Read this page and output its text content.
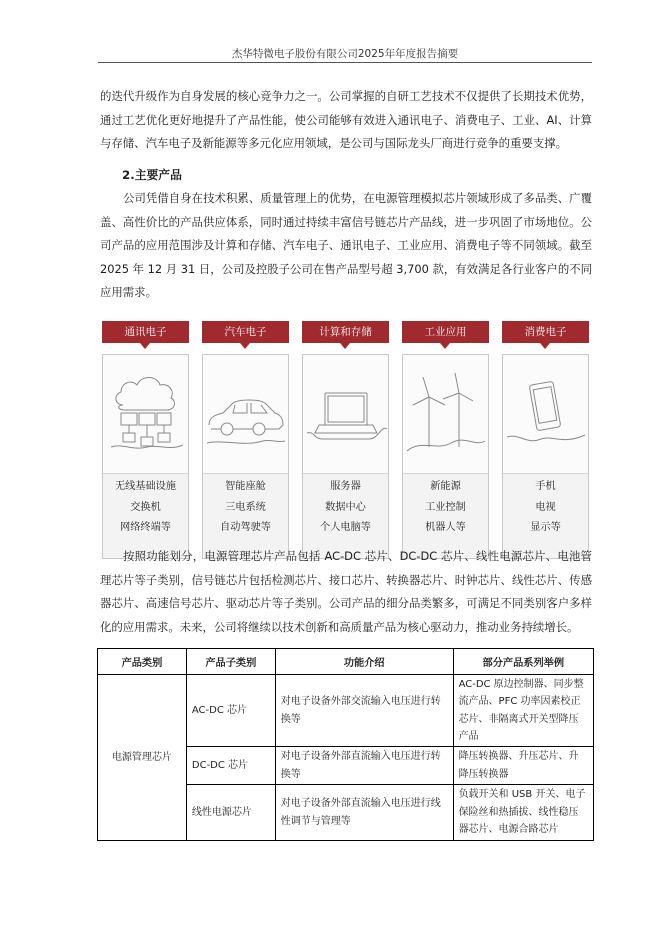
杰华特微电子股份有限公司2025年年度报告摘要

的迭代升级作为自身发展的核心竞争力之一。公司掌握的自研工艺技术不仅提供了长期技术优势，通过工艺优化更好地提升了产品性能，使公司能够有效进入通讯电子、消费电子、工业、AI、计算与存储、汽车电子及新能源等多元化应用领域，是公司与国际龙头厂商进行竞争的重要支撑。

2.主要产品

公司凭借自身在技术积累、质量管理上的优势，在电源管理模拟芯片领域形成了多品类、广覆盖、高性价比的产品供应体系，同时通过持续丰富信号链芯片产品线，进一步巩固了市场地位。公司产品的应用范围涉及计算和存储、汽车电子、通讯电子、工业应用、消费电子等不同领域。截至 2025 年 12 月 31 日，公司及控股子公司在售产品型号超 3,700 款，有效满足各行业客户的不同应用需求。

通讯电子
无线基础设施
交换机
网络终端等
汽车电子
智能座舱
三电系统
自动驾驶等
计算和存储
服务器
数据中心
个人电脑等
工业应用
新能源
工业控制
机器人等
消费电子
手机
电视
显示等

按照功能划分，电源管理芯片产品包括 AC-DC 芯片、DC-DC 芯片、线性电源芯片、电池管理芯片等子类别，信号链芯片包括检测芯片、接口芯片、转换器芯片、时钟芯片、线性芯片、传感器芯片、高速信号芯片、驱动芯片等子类别。公司产品的细分品类繁多，可满足不同类别客户多样化的应用需求。未来，公司将继续以技术创新和高质量产品为核心驱动力，推动业务持续增长。

产品类别	产品子类别	功能介绍	部分产品系列举例
电源管理芯片	AC-DC 芯片	对电子设备外部交流输入电压进行转换等	AC-DC 原边控制器、同步整流产品、PFC 功率因素校正芯片、非隔离式开关型降压产品
	DC-DC 芯片	对电子设备外部直流输入电压进行转换等	降压转换器、升压芯片、升降压转换器
	线性电源芯片	对电子设备外部直流输入电压进行线性调节与管理等	负载开关和 USB 开关、电子保险丝和热插拔、线性稳压器芯片、电源合路芯片
